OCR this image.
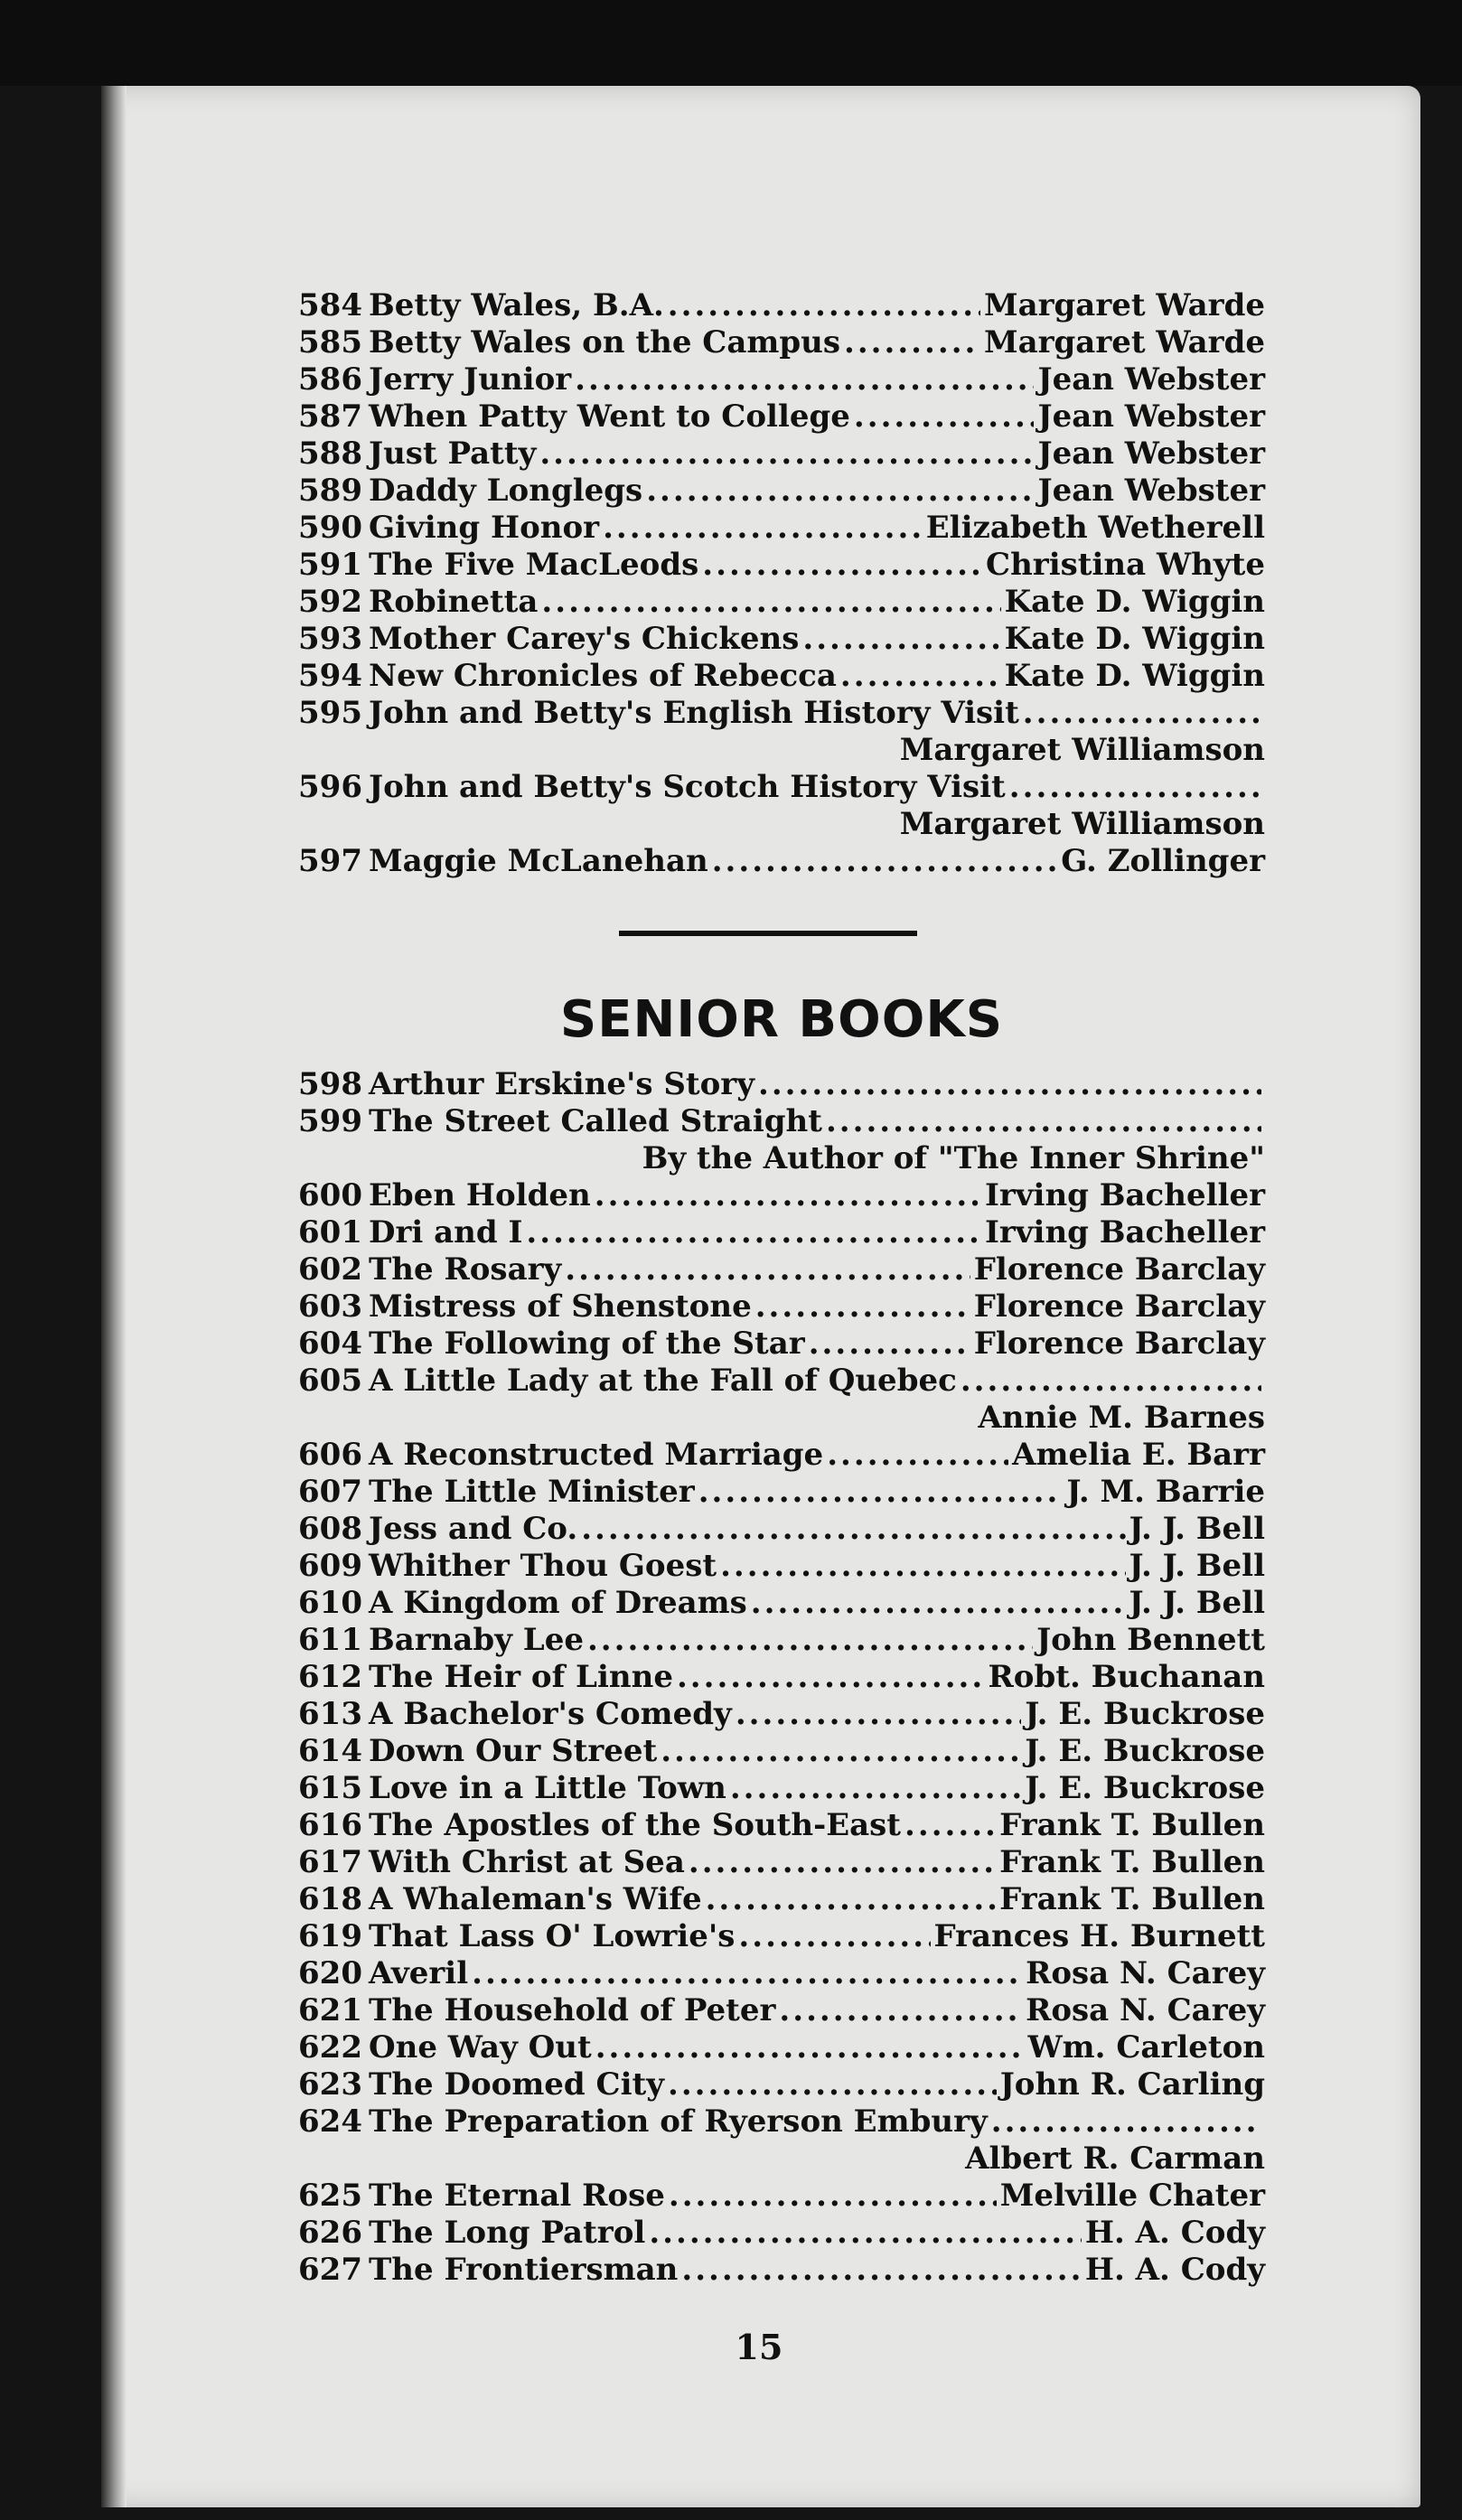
584 Betty Wales, B.A. .....	Margaret Warde
585 Betty Wales on the Campus .....	Margaret Warde
586 Jerry Junior .....	Jean Webster
587 When Patty Went to College .....	Jean Webster
588 Just Patty .....	Jean Webster
589 Daddy Longlegs .....	Jean Webster
590 Giving Honor .....	Elizabeth Wetherell
591 The Five MacLeods .....	Christina Whyte
592 Robinetta .....	Kate D. Wiggin
593 Mother Carey's Chickens .....	Kate D. Wiggin
594 New Chronicles of Rebecca .....	Kate D. Wiggin
595 John and Betty's English History Visit
.....
Margaret Williamson
596 John and Betty's Scotch History Visit
.....
Margaret Williamson
597 Maggie McLanehan .....	G. Zollinger
SENIOR BOOKS
598 Arthur Erskine's Story
.....
599 The Street Called Straight
.....
By the Author of "The Inner Shrine"
600 Eben Holden .....	Irving Bacheller
601 Dri and I .....	Irving Bacheller
602 The Rosary .....	Florence Barclay
603 Mistress of Shenstone .....	Florence Barclay
604 The Following of the Star .....	Florence Barclay
605 A Little Lady at the Fall of Quebec
.....
Annie M. Barnes
606 A Reconstructed Marriage .....	Amelia E. Barr
607 The Little Minister .....	J. M. Barrie
608 Jess and Co. .....	J. J. Bell
609 Whither Thou Goest .....	J. J. Bell
610 A Kingdom of Dreams .....	J. J. Bell
611 Barnaby Lee .....	John Bennett
612 The Heir of Linne .....	Robt. Buchanan
613 A Bachelor's Comedy .....	J. E. Buckrose
614 Down Our Street .....	J. E. Buckrose
615 Love in a Little Town .....	J. E. Buckrose
616 The Apostles of the South-East .....	Frank T. Bullen
617 With Christ at Sea .....	Frank T. Bullen
618 A Whaleman's Wife .....	Frank T. Bullen
619 That Lass O' Lowrie's .....	Frances H. Burnett
620 Averil .....	Rosa N. Carey
621 The Household of Peter .....	Rosa N. Carey
622 One Way Out .....	Wm. Carleton
623 The Doomed City .....	John R. Carling
624 The Preparation of Ryerson Embury
.....
Albert R. Carman
625 The Eternal Rose .....	Melville Chater
626 The Long Patrol .....	H. A. Cody
627 The Frontiersman .....	H. A. Cody
15
